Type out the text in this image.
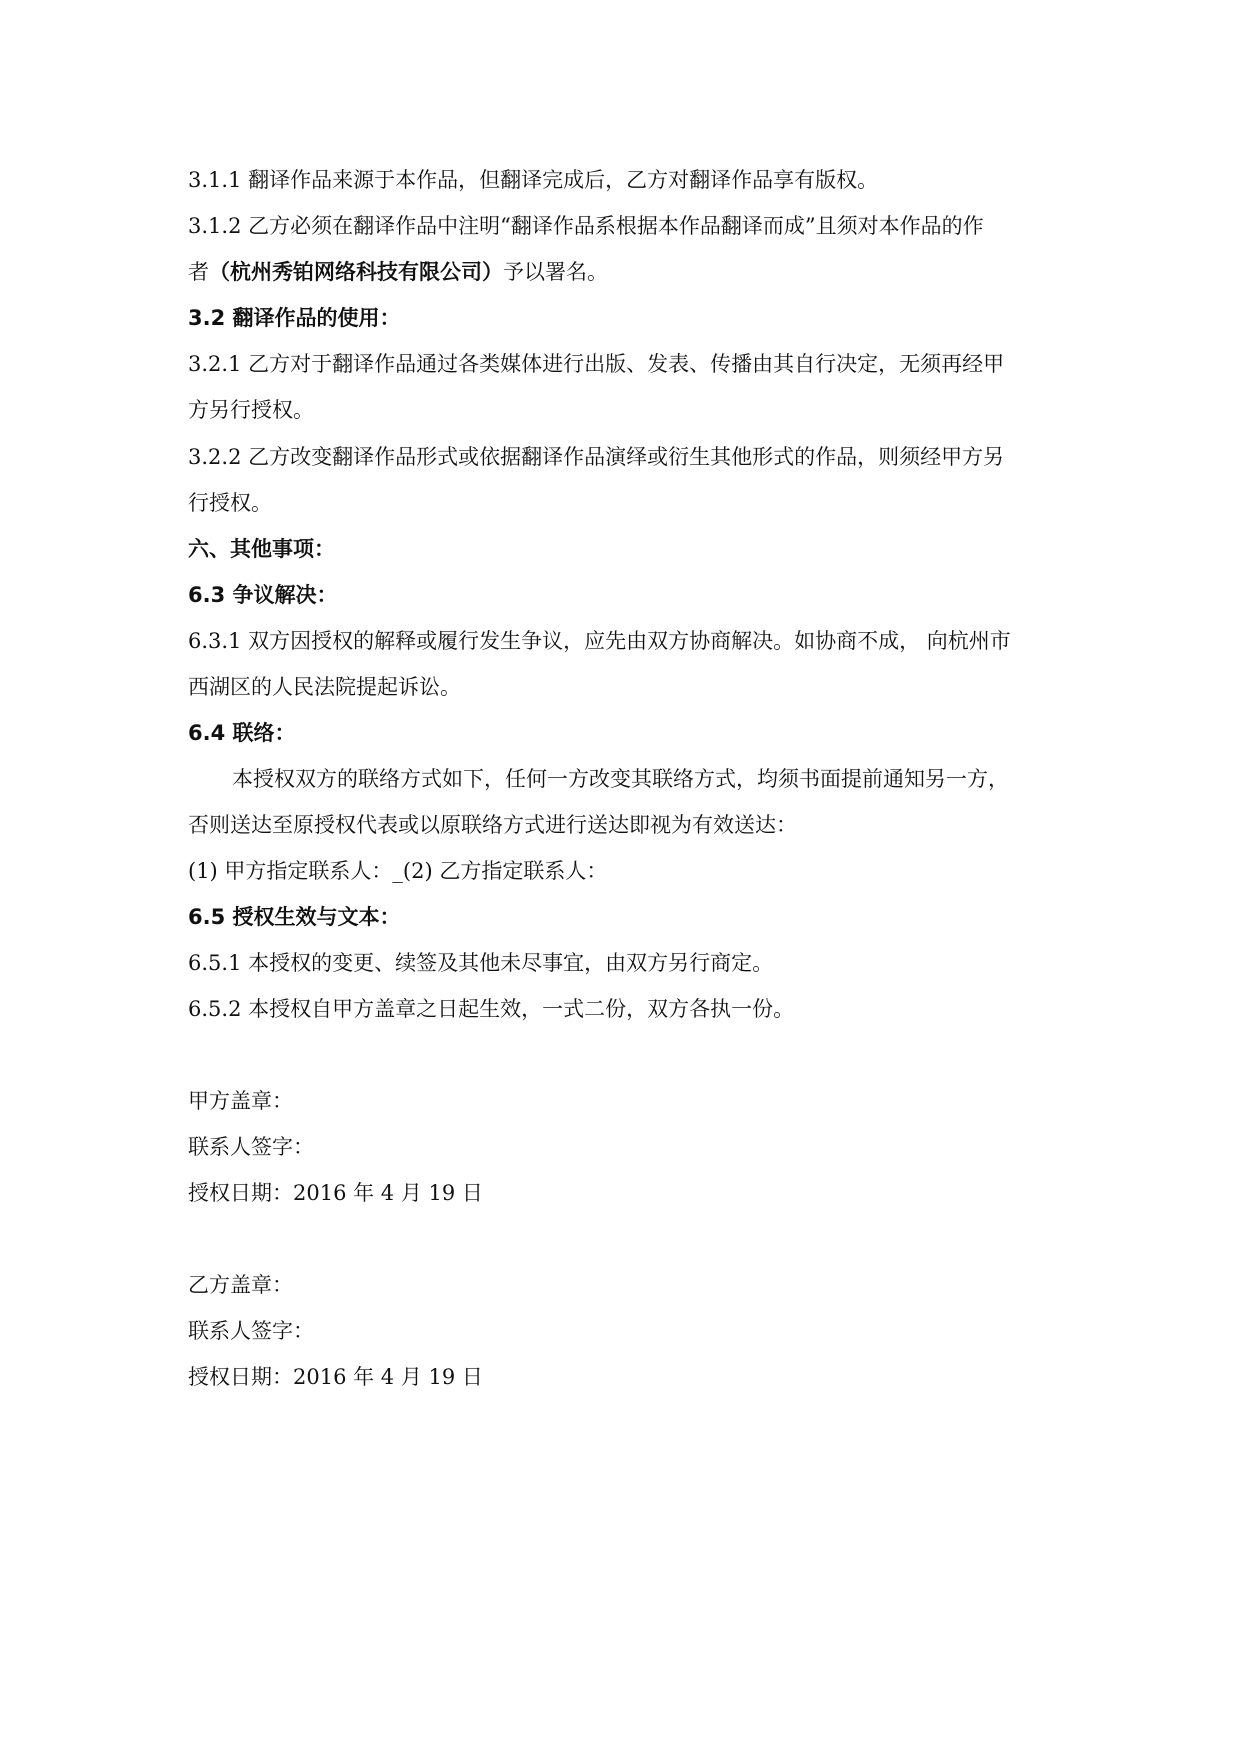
3.1.1 翻译作品来源于本作品，但翻译完成后，乙方对翻译作品享有版权。
3.1.2 乙方必须在翻译作品中注明“翻译作品系根据本作品翻译而成”且须对本作品的作
者（杭州秀铂网络科技有限公司）予以署名。
3.2 翻译作品的使用：
3.2.1 乙方对于翻译作品通过各类媒体进行出版、发表、传播由其自行决定，无须再经甲
方另行授权。
3.2.2 乙方改变翻译作品形式或依据翻译作品演绎或衍生其他形式的作品，则须经甲方另
行授权。
六、其他事项：
6.3 争议解决：
6.3.1 双方因授权的解释或履行发生争议，应先由双方协商解决。如协商不成， 向杭州市
西湖区的人民法院提起诉讼。
6.4 联络：
本授权双方的联络方式如下，任何一方改变其联络方式，均须书面提前通知另一方，
否则送达至原授权代表或以原联络方式进行送达即视为有效送达：
(1) 甲方指定联系人：_(2) 乙方指定联系人：
6.5 授权生效与文本：
6.5.1 本授权的变更、续签及其他未尽事宜，由双方另行商定。
6.5.2 本授权自甲方盖章之日起生效，一式二份，双方各执一份。
甲方盖章：
联系人签字：
授权日期：2016 年 4 月 19 日
乙方盖章：
联系人签字：
授权日期：2016 年 4 月 19 日
